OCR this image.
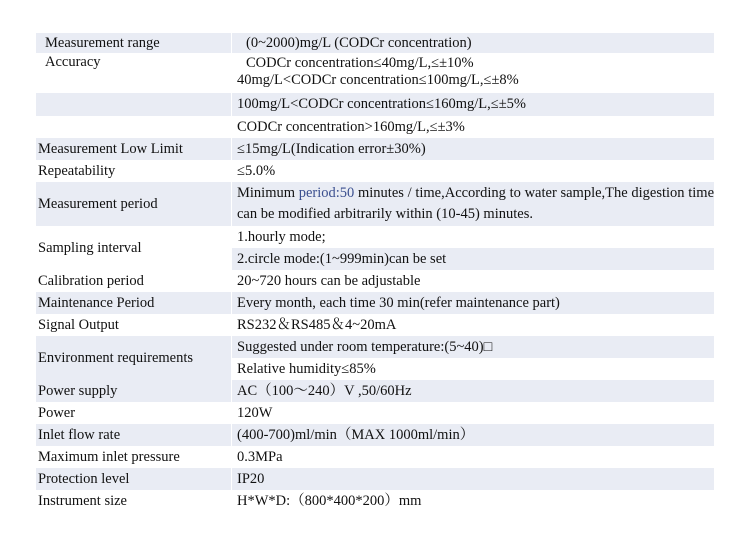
Measurement range	(0~2000)mg/L (CODCr concentration)
Accuracy	CODCr concentration≤40mg/L,≤±10%
	40mg/L<CODCr concentration≤100mg/L,≤±8%
	100mg/L<CODCr concentration≤160mg/L,≤±5%
	CODCr concentration>160mg/L,≤±3%
Measurement Low Limit	≤15mg/L(Indication error±30%)
Repeatability	≤5.0%
Measurement period	Minimum period:50 minutes / time,According to water sample,The digestion time can be modified arbitrarily within (10-45) minutes.
Sampling interval	1.hourly mode;
	2.circle mode:(1~999min)can be set
Calibration period	20~720 hours can be adjustable
Maintenance Period	Every month, each time 30 min(refer maintenance part)
Signal Output	RS232＆RS485＆4~20mA
Environment requirements	Suggested under room temperature:(5~40)□
	Relative humidity≤85%
Power supply	AC（100～240）V ,50/60Hz
Power	120W
Inlet flow rate	(400-700)ml/min（MAX 1000ml/min）
Maximum inlet pressure	0.3MPa
Protection level	IP20
Instrument size	H*W*D:（800*400*200）mm
